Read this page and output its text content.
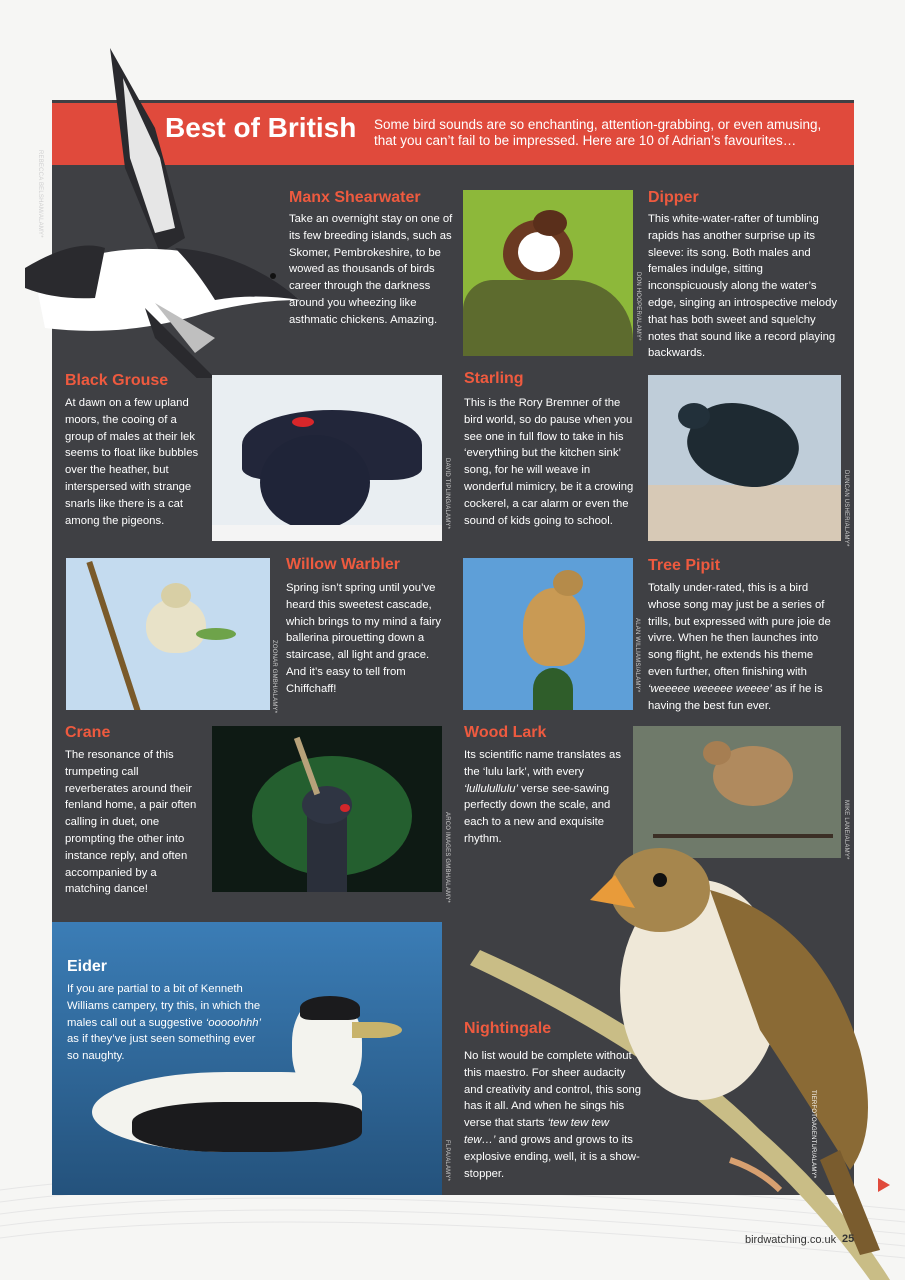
Best of British Some bird sounds are so enchanting, attention-grabbing, or even amusing, that you can’t fail to be impressed. Here are 10 of Adrian’s favourites…
REBECCA BELSHAM/ALAMY*	Manx Shearwater
Take an overnight stay on one of its few breeding islands, such as Skomer, Pembrokeshire, to be wowed as thousands of birds career through the darkness around you wheezing like asthmatic chickens. Amazing.	DON HOOPER/ALAMY*
Dipper
This white-water-rafter of tumbling rapids has another surprise up its sleeve: its song. Both males and females indulge, sitting inconspicuously along the water’s edge, singing an introspective melody that has both sweet and squelchy notes that sound like a record playing backwards.
Black Grouse
At dawn on a few upland moors, the cooing of a group of males at their lek seems to float like bubbles over the heather, but interspersed with strange snarls like there is a cat among the pigeons.	DAVID TIPLING/ALAMY*
Starling
This is the Rory Bremner of the bird world, so do pause when you see one in full flow to take in his ‘everything but the kitchen sink’ song, for he will weave in wonderful mimicry, be it a crowing cockerel, a car alarm or even the sound of kids going to school.	DUNCAN USHER/ALAMY*
ZOONAR GMBH/ALAMY*
Willow Warbler
Spring isn’t spring until you’ve heard this sweetest cascade, which brings to my mind a fairy ballerina pirouetting down a staircase, all light and grace. And it’s easy to tell from Chiffchaff!	ALAN WILLIAMS/ALAMY*
Tree Pipit
Totally under-rated, this is a bird whose song may just be a series of trills, but expressed with pure joie de vivre. When he then launches into song flight, he extends his theme even further, often finishing with ‘weeeee weeeee weeee’ as if he is having the best fun ever.
Crane
The resonance of this trumpeting call reverberates around their fenland home, a pair often calling in duet, one prompting the other into instance reply, and often accompanied by a matching dance!	ARCO IMAGES GMBH/ALAMY*
Wood Lark
Its scientific name translates as the ‘lulu lark’, with every ‘lullulullulu’ verse see-sawing perfectly down the scale, and each to a new and exquisite rhythm.	MIKE LANE/ALAMY*
FLPA/ALAMY*
Eider
If you are partial to a bit of Kenneth Williams campery, try this, in which the males call out a suggestive ‘ooooohhh’ as if they’ve just seen something ever so naughty.
TIERFOTOAGENTUR/ALAMY*
Nightingale
No list would be complete without this maestro. For sheer audacity and creativity and control, this song has it all. And when he sings his verse that starts ‘tew tew tew tew…’ and grows and grows to its explosive ending, well, it is a show-stopper.
birdwatching.co.uk 25
